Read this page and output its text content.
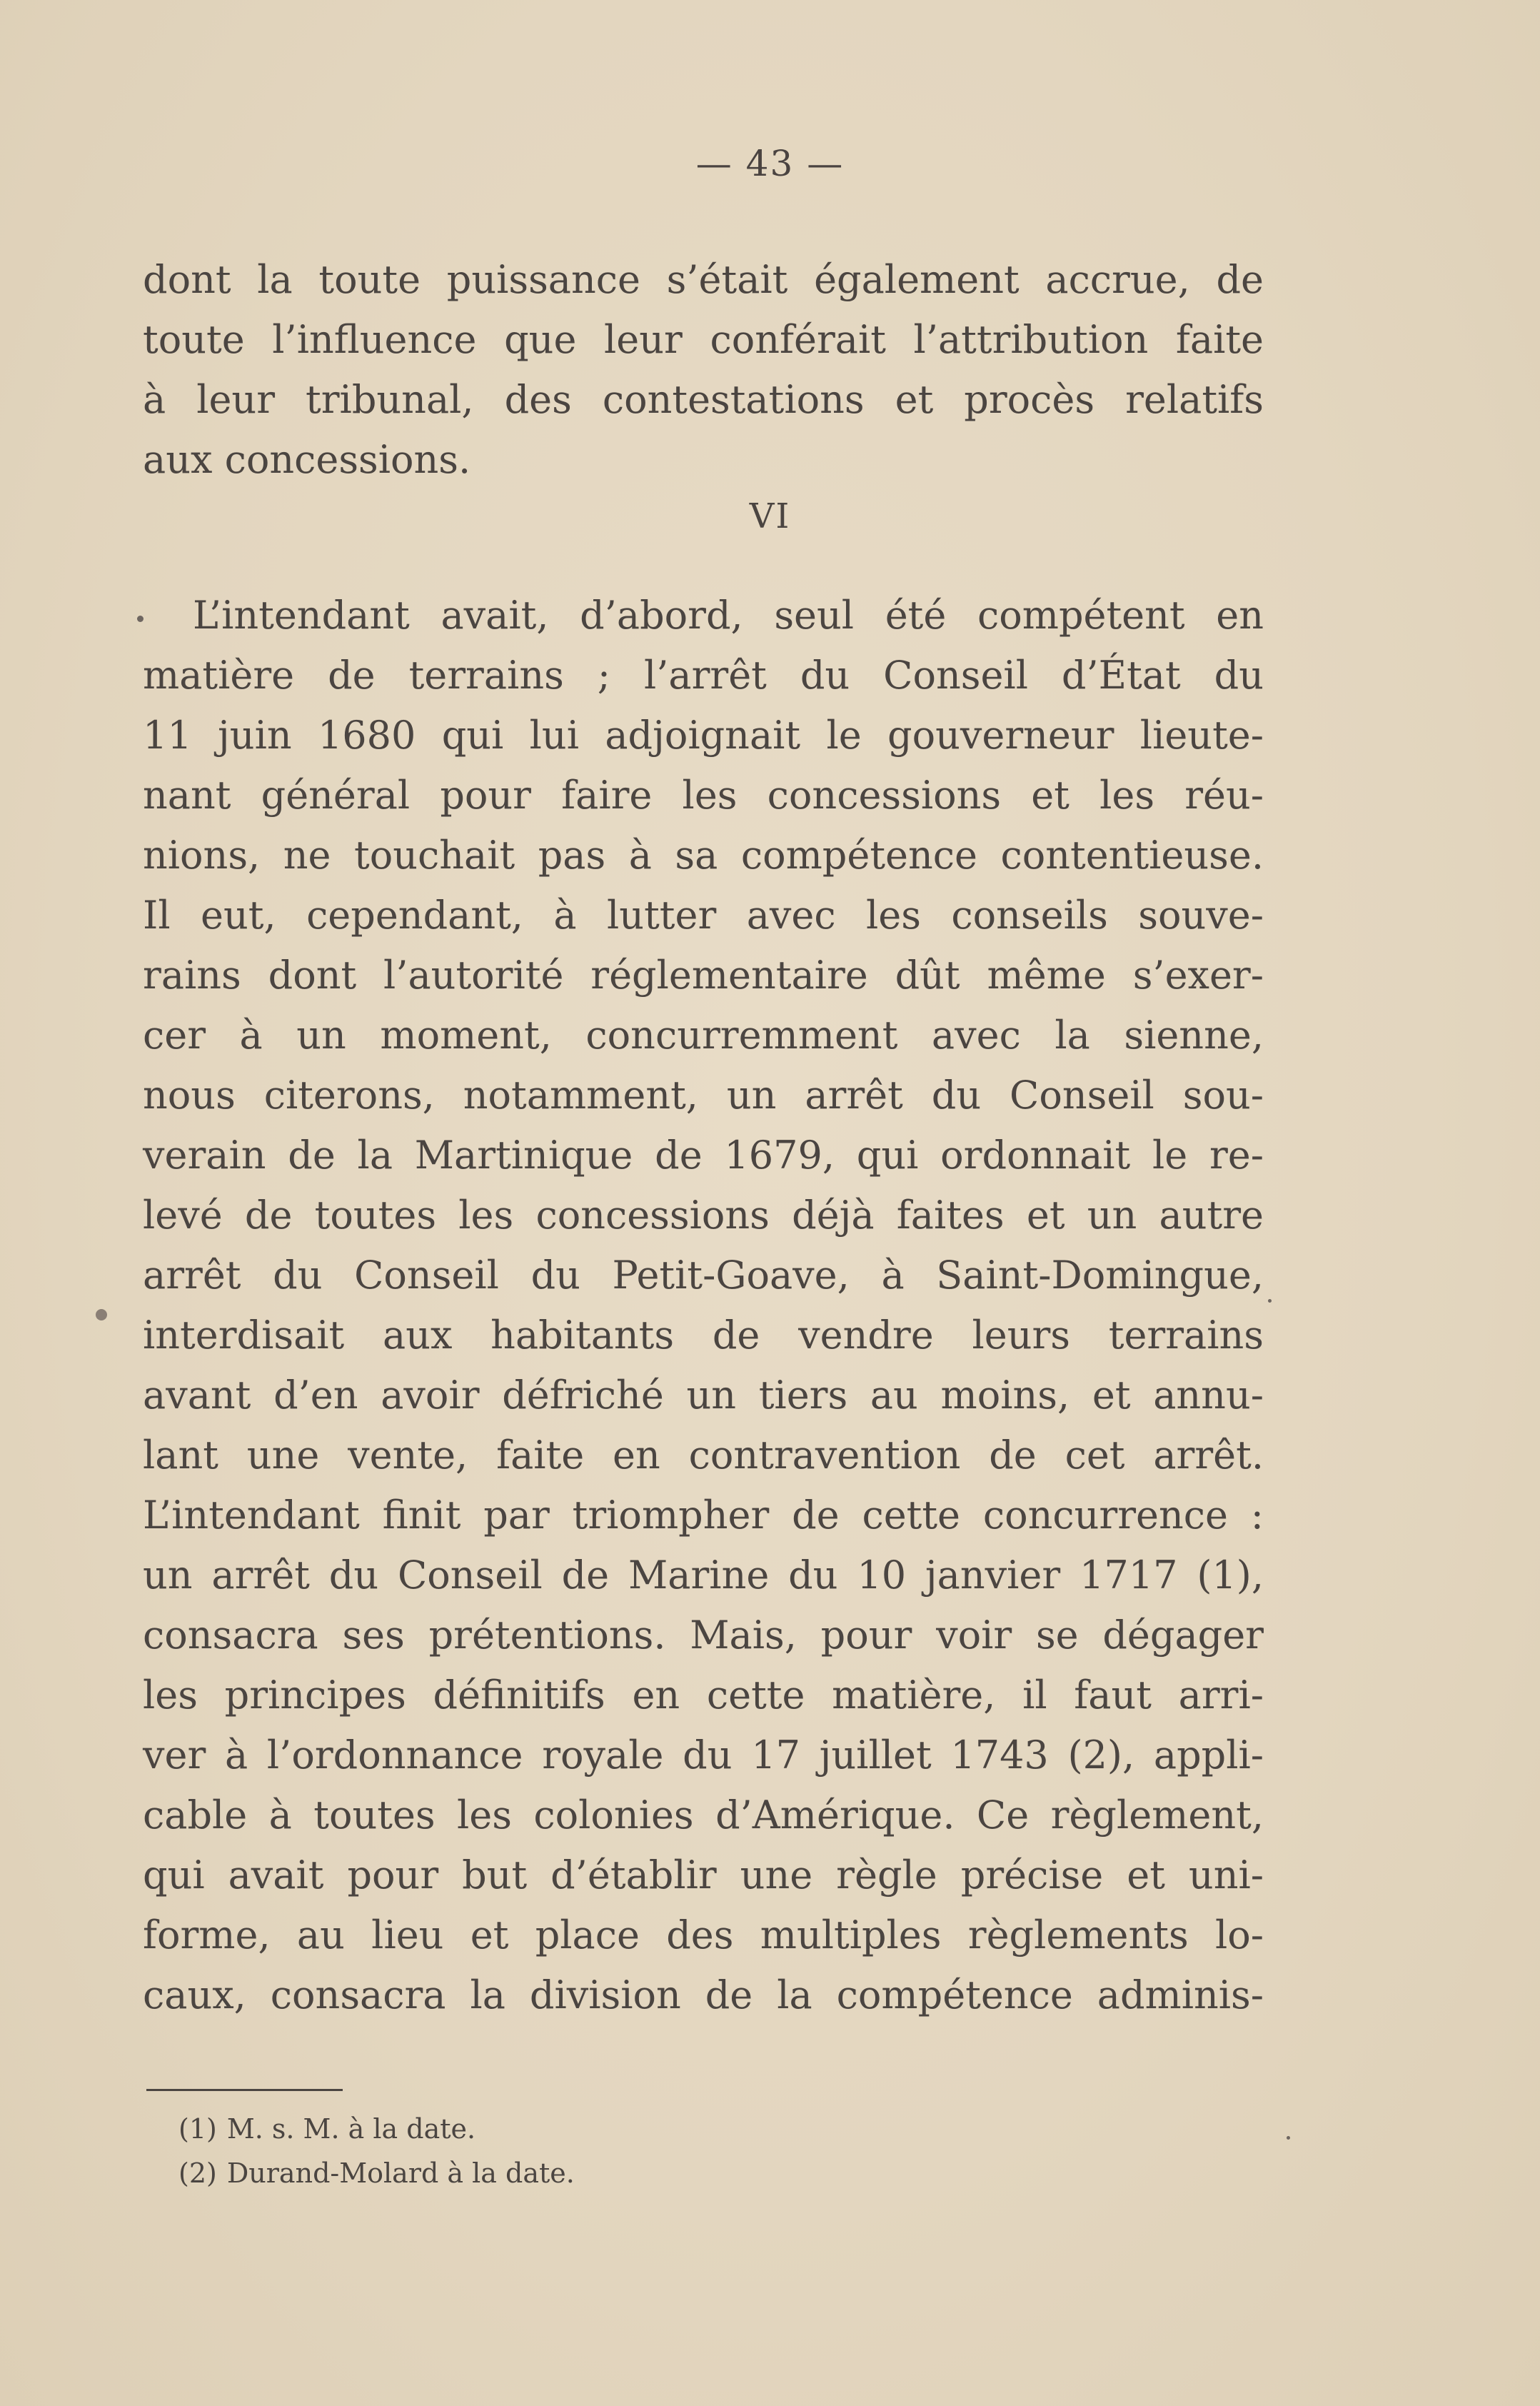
— 43 —
dont la toute puissance s’était également accrue, de
toute l’influence que leur conférait l’attribution faite
à leur tribunal, des contestations et procès relatifs
aux concessions.
VI
L’intendant avait, d’abord, seul été compétent en
matière de terrains ; l’arrêt du Conseil d’État du
11 juin 1680 qui lui adjoignait le gouverneur lieute-
nant général pour faire les concessions et les réu-
nions, ne touchait pas à sa compétence contentieuse.
Il eut, cependant, à lutter avec les conseils souve-
rains dont l’autorité réglementaire dût même s’exer-
cer à un moment, concurremment avec la sienne,
nous citerons, notamment, un arrêt du Conseil sou-
verain de la Martinique de 1679, qui ordonnait le re-
levé de toutes les concessions déjà faites et un autre
arrêt du Conseil du Petit-Goave, à Saint-Domingue,
interdisait aux habitants de vendre leurs terrains
avant d’en avoir défriché un tiers au moins, et annu-
lant une vente, faite en contravention de cet arrêt.
L’intendant finit par triompher de cette concurrence :
un arrêt du Conseil de Marine du 10 janvier 1717 (1),
consacra ses prétentions. Mais, pour voir se dégager
les principes définitifs en cette matière, il faut arri-
ver à l’ordonnance royale du 17 juillet 1743 (2), appli-
cable à toutes les colonies d’Amérique. Ce règlement,
qui avait pour but d’établir une règle précise et uni-
forme, au lieu et place des multiples règlements lo-
caux, consacra la division de la compétence adminis-
(1) M. s. M. à la date.
(2) Durand-Molard à la date.
